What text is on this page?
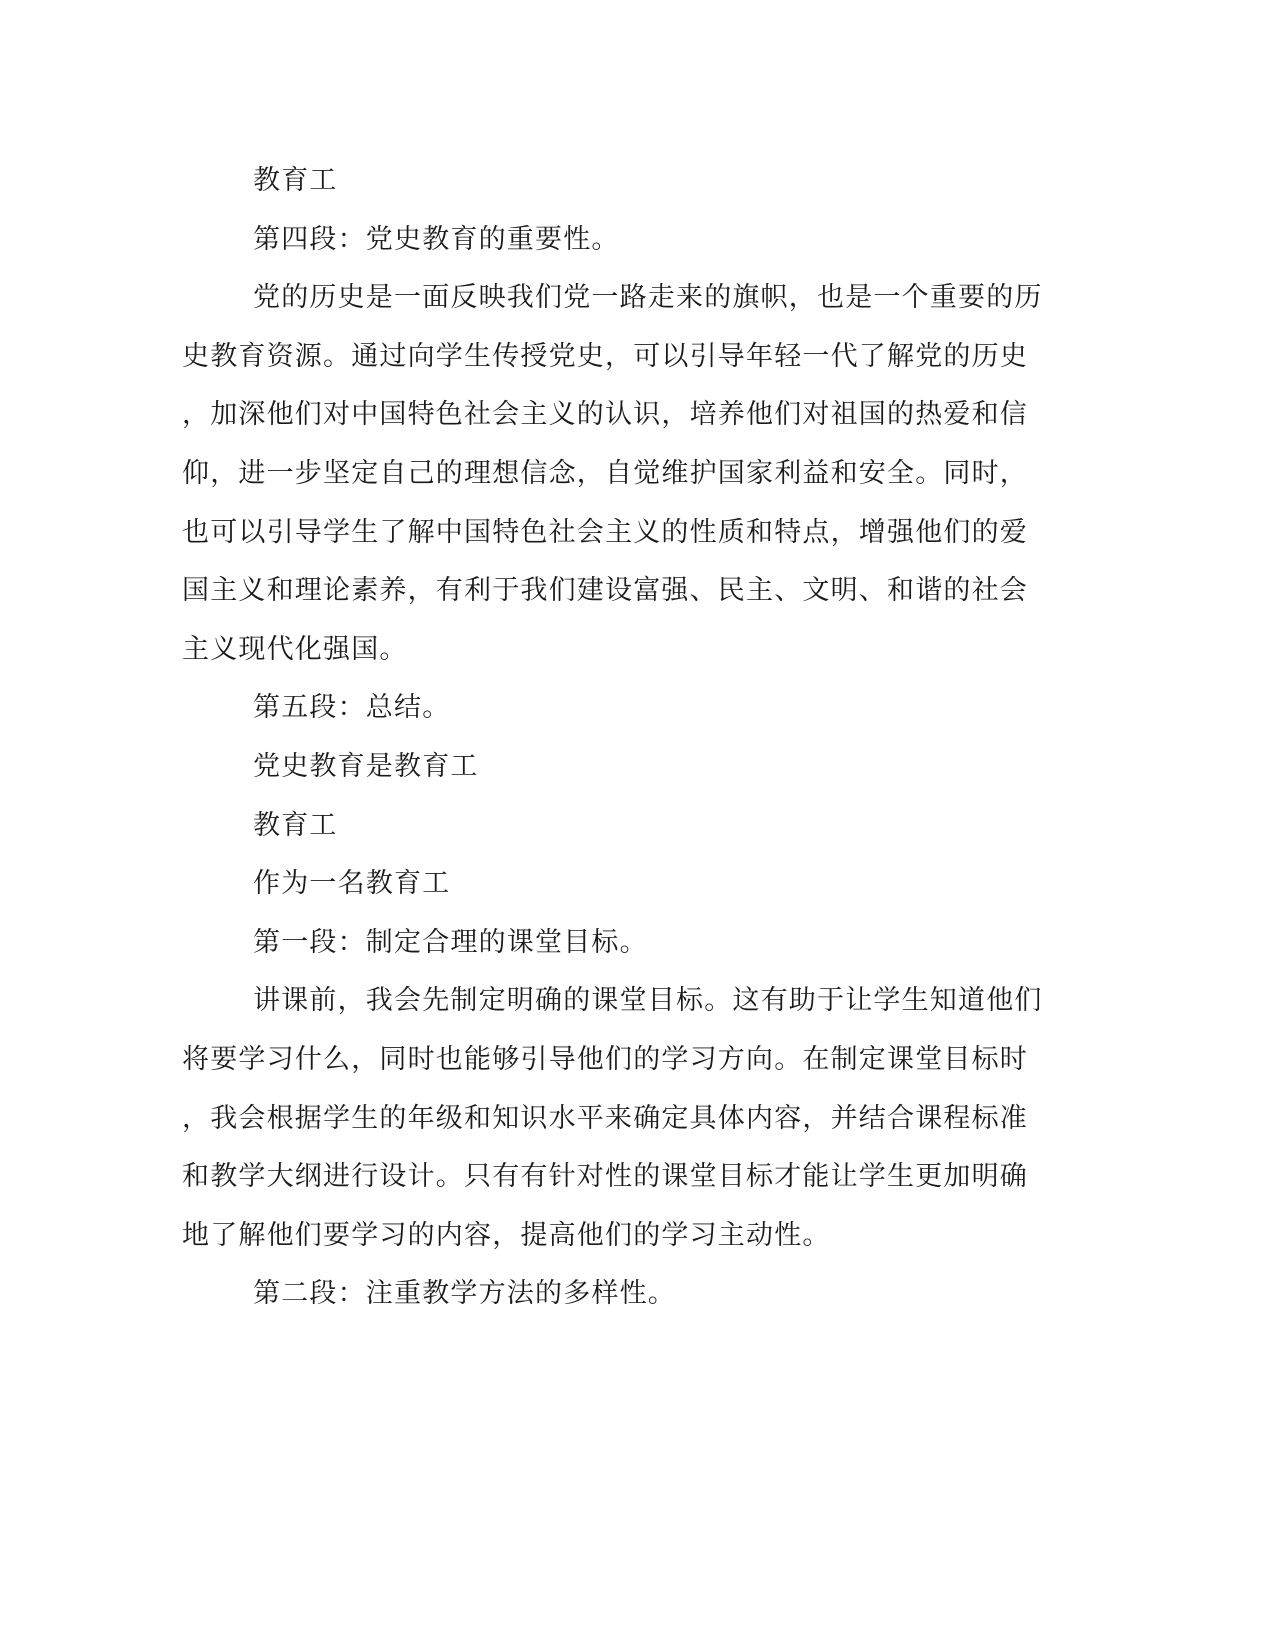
教育工
第四段：党史教育的重要性。
党的历史是一面反映我们党一路走来的旗帜，也是一个重要的历
史教育资源。通过向学生传授党史，可以引导年轻一代了解党的历史
，加深他们对中国特色社会主义的认识，培养他们对祖国的热爱和信
仰，进一步坚定自己的理想信念，自觉维护国家利益和安全。同时，
也可以引导学生了解中国特色社会主义的性质和特点，增强他们的爱
国主义和理论素养，有利于我们建设富强、民主、文明、和谐的社会
主义现代化强国。
第五段：总结。
党史教育是教育工
教育工
作为一名教育工
第一段：制定合理的课堂目标。
讲课前，我会先制定明确的课堂目标。这有助于让学生知道他们
将要学习什么，同时也能够引导他们的学习方向。在制定课堂目标时
，我会根据学生的年级和知识水平来确定具体内容，并结合课程标准
和教学大纲进行设计。只有有针对性的课堂目标才能让学生更加明确
地了解他们要学习的内容，提高他们的学习主动性。
第二段：注重教学方法的多样性。
